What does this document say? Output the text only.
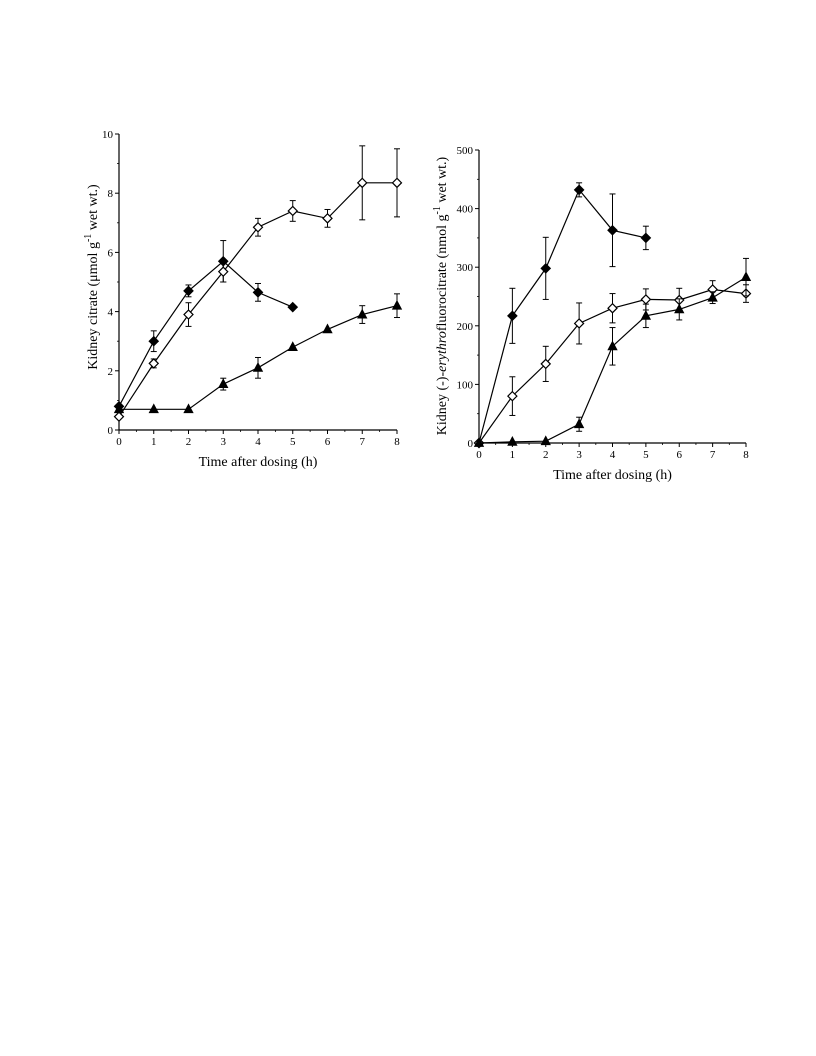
0	1	2	3	4	5	6	7	8
0
2
4
6
8
10
Time after dosing (h)
Kidney citrate (μmol $g^{-1}$ wet wt.)
0	1	2	3	4	5	6	7	8
0
100
200
300
400
500
Time after dosing (h)
Kidney (-)-erythrofluorocitrate (nmol $g^{-1}$ wet wt.)
